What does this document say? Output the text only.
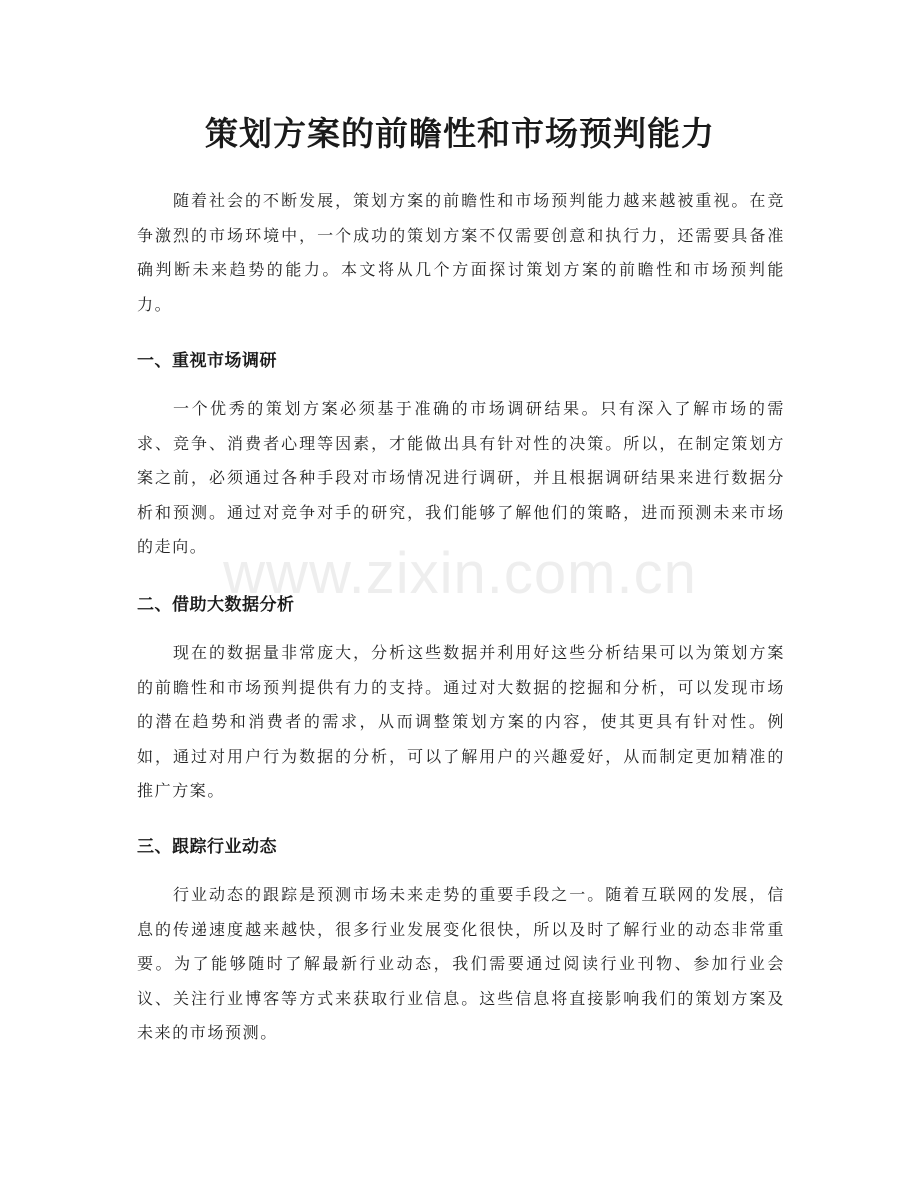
策划方案的前瞻性和市场预判能力

随着社会的不断发展，策划方案的前瞻性和市场预判能力越来越被重视。在竞争激烈的市场环境中，一个成功的策划方案不仅需要创意和执行力，还需要具备准确判断未来趋势的能力。本文将从几个方面探讨策划方案的前瞻性和市场预判能力。

一、重视市场调研

一个优秀的策划方案必须基于准确的市场调研结果。只有深入了解市场的需求、竞争、消费者心理等因素，才能做出具有针对性的决策。所以，在制定策划方案之前，必须通过各种手段对市场情况进行调研，并且根据调研结果来进行数据分析和预测。通过对竞争对手的研究，我们能够了解他们的策略，进而预测未来市场的走向。

二、借助大数据分析

现在的数据量非常庞大，分析这些数据并利用好这些分析结果可以为策划方案的前瞻性和市场预判提供有力的支持。通过对大数据的挖掘和分析，可以发现市场的潜在趋势和消费者的需求，从而调整策划方案的内容，使其更具有针对性。例如，通过对用户行为数据的分析，可以了解用户的兴趣爱好，从而制定更加精准的推广方案。

三、跟踪行业动态

行业动态的跟踪是预测市场未来走势的重要手段之一。随着互联网的发展，信息的传递速度越来越快，很多行业发展变化很快，所以及时了解行业的动态非常重要。为了能够随时了解最新行业动态，我们需要通过阅读行业刊物、参加行业会议、关注行业博客等方式来获取行业信息。这些信息将直接影响我们的策划方案及未来的市场预测。

www.zixin.com.cn
